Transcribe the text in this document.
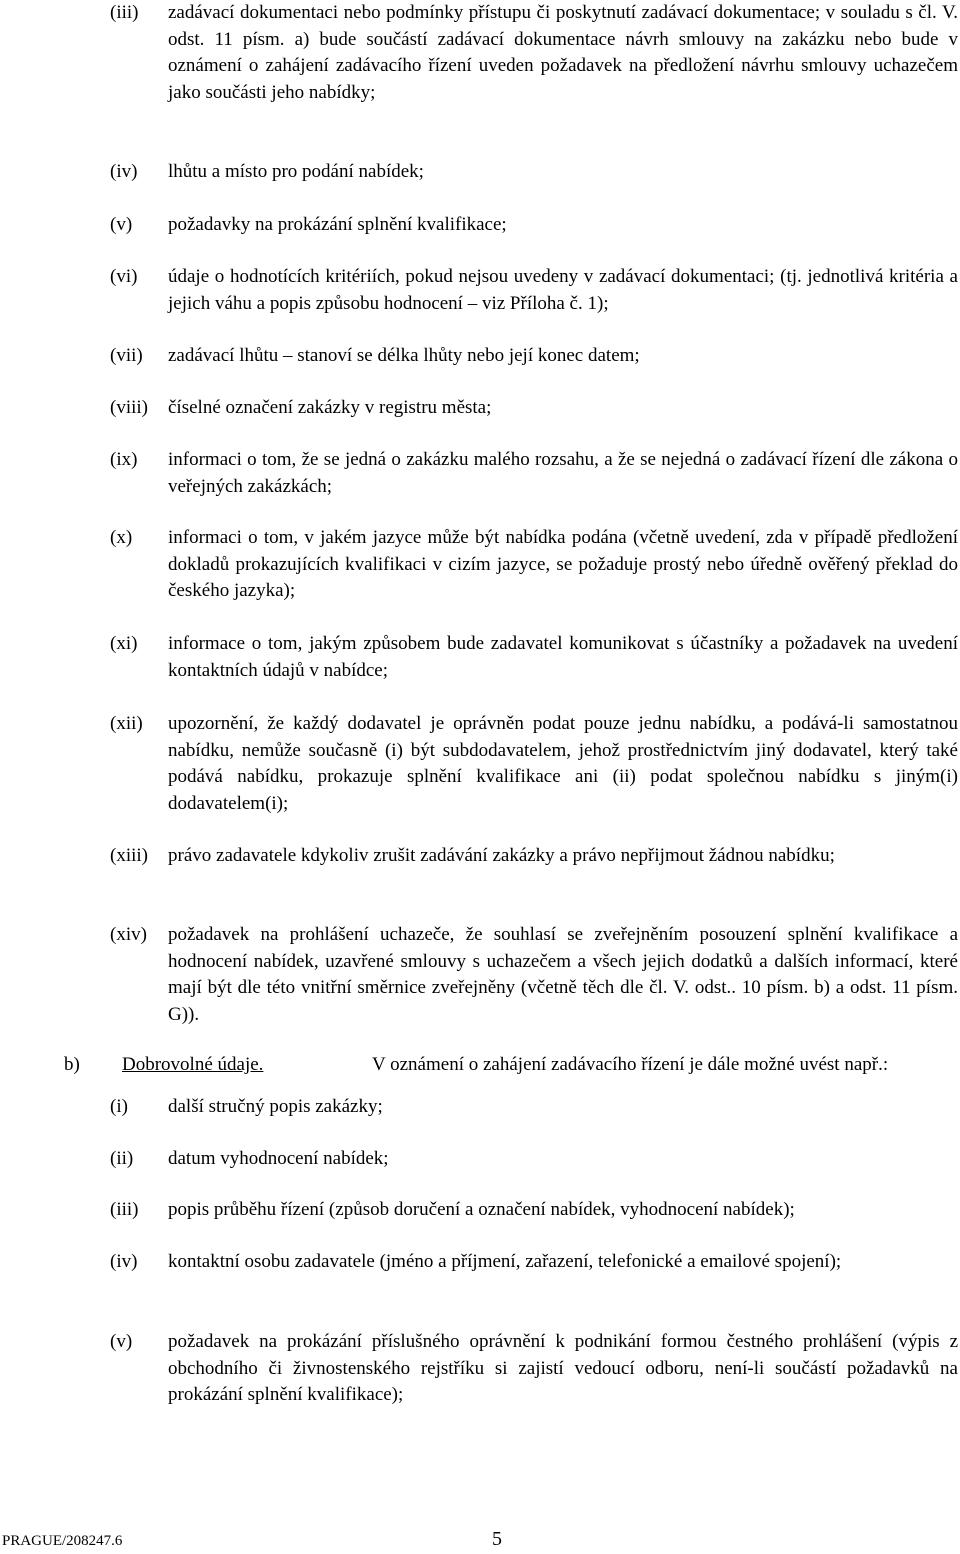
(iii) zadávací dokumentaci nebo podmínky přístupu či poskytnutí zadávací dokumentace; v souladu s čl. V. odst. 11 písm. a) bude součástí zadávací dokumentace návrh smlouvy na zakázku nebo bude v oznámení o zahájení zadávacího řízení uveden požadavek na předložení návrhu smlouvy uchazečem jako součásti jeho nabídky;
(iv) lhůtu a místo pro podání nabídek;
(v) požadavky na prokázání splnění kvalifikace;
(vi) údaje o hodnotících kritériích, pokud nejsou uvedeny v zadávací dokumentaci; (tj. jednotlivá kritéria a jejich váhu a popis způsobu hodnocení – viz Příloha č. 1);
(vii) zadávací lhůtu – stanoví se délka lhůty nebo její konec datem;
(viii) číselné označení zakázky v registru města;
(ix) informaci o tom, že se jedná o zakázku malého rozsahu, a že se nejedná o zadávací řízení dle zákona o veřejných zakázkách;
(x) informaci o tom, v jakém jazyce může být nabídka podána (včetně uvedení, zda v případě předložení dokladů prokazujících kvalifikaci v cizím jazyce, se požaduje prostý nebo úředně ověřený překlad do českého jazyka);
(xi) informace o tom, jakým způsobem bude zadavatel komunikovat s účastníky a požadavek na uvedení kontaktních údajů v nabídce;
(xii) upozornění, že každý dodavatel je oprávněn podat pouze jednu nabídku, a podává-li samostatnou nabídku, nemůže současně (i) být subdodavatelem, jehož prostřednictvím jiný dodavatel, který také podává nabídku, prokazuje splnění kvalifikace ani (ii) podat společnou nabídku s jiným(i) dodavatelem(i);
(xiii) právo zadavatele kdykoliv zrušit zadávání zakázky a právo nepřijmout žádnou nabídku;
(xiv) požadavek na prohlášení uchazeče, že souhlasí se zveřejněním posouzení splnění kvalifikace a hodnocení nabídek, uzavřené smlouvy s uchazečem a všech jejich dodatků a dalších informací, které mají být dle této vnitřní směrnice zveřejněny (včetně těch dle čl. V. odst.. 10 písm. b) a odst. 11 písm. G)).
b) Dobrovolné údaje.	V oznámení o zahájení zadávacího řízení je dále možné uvést např.:
(i) další stručný popis zakázky;
(ii) datum vyhodnocení nabídek;
(iii) popis průběhu řízení (způsob doručení a označení nabídek, vyhodnocení nabídek);
(iv) kontaktní osobu zadavatele (jméno a příjmení, zařazení, telefonické a emailové spojení);
(v) požadavek na prokázání příslušného oprávnění k podnikání formou čestného prohlášení (výpis z obchodního či živnostenského rejstříku si zajistí vedoucí odboru, není-li součástí požadavků na prokázání splnění kvalifikace);
PRAGUE/208247.6	5
